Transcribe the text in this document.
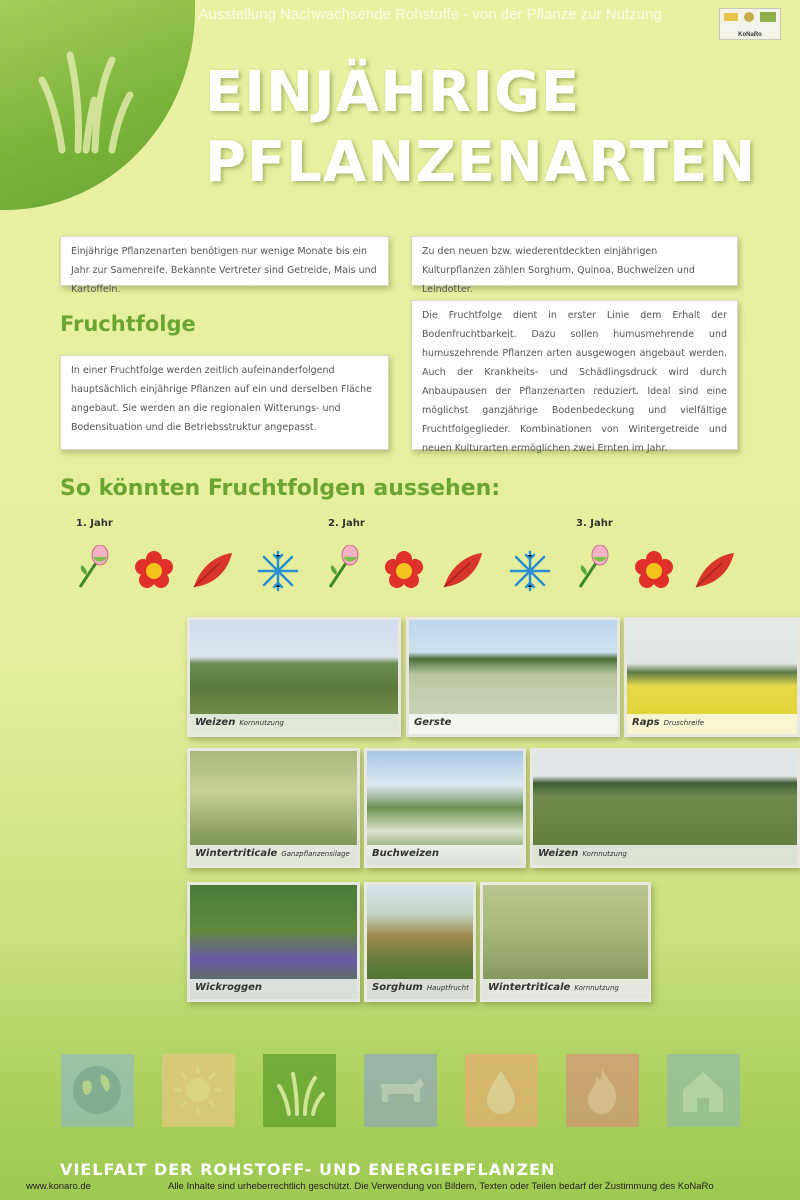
Ausstellung Nachwachsende Rohstoffe - von der Pflanze zur Nutzung
KoNaRo
EINJÄHRIGE
PFLANZENARTEN
Einjährige Pflanzenarten benötigen nur wenige Monate bis ein Jahr zur Samenreife. Bekannte Vertreter sind Getreide, Mais und Kartoffeln.
Zu den neuen bzw. wiederentdeckten einjährigen Kulturpflanzen zählen Sorghum, Quinoa, Buchweizen und Leindotter.
Fruchtfolge
In einer Fruchtfolge werden zeitlich aufeinanderfolgend hauptsächlich einjährige Pflanzen auf ein und derselben Fläche angebaut. Sie werden an die regionalen Witterungs- und Bodensituation und die Betriebsstruktur angepasst.
Die Fruchtfolge dient in erster Linie dem Erhalt der Bodenfruchtbarkeit. Dazu sollen humusmehrende und humuszehrende Pflanzen arten ausgewogen angebaut werden. Auch der Krankheits- und Schädlingsdruck wird durch Anbaupausen der Pflanzenarten reduziert. Ideal sind eine möglichst ganzjährige Bodenbedeckung und vielfältige Fruchtfolgeglieder. Kombinationen von Wintergetreide und neuen Kulturarten ermöglichen zwei Ernten im Jahr.
So könnten Fruchtfolgen aussehen:
1. Jahr	2. Jahr	3. Jahr
Weizen Kornnutzung	Gerste	Raps Druschreife
Wintertriticale Ganzpflanzensilage	Buchweizen	Weizen Kornnutzung
Wickroggen	Sorghum Hauptfrucht	Wintertriticale Kornnutzung
VIELFALT DER ROHSTOFF- UND ENERGIEPFLANZEN
www.konaro.de	Alle Inhalte sind urheberrechtlich geschützt. Die Verwendung von Bildern, Texten oder Teilen bedarf der Zustimmung des KoNaRo
